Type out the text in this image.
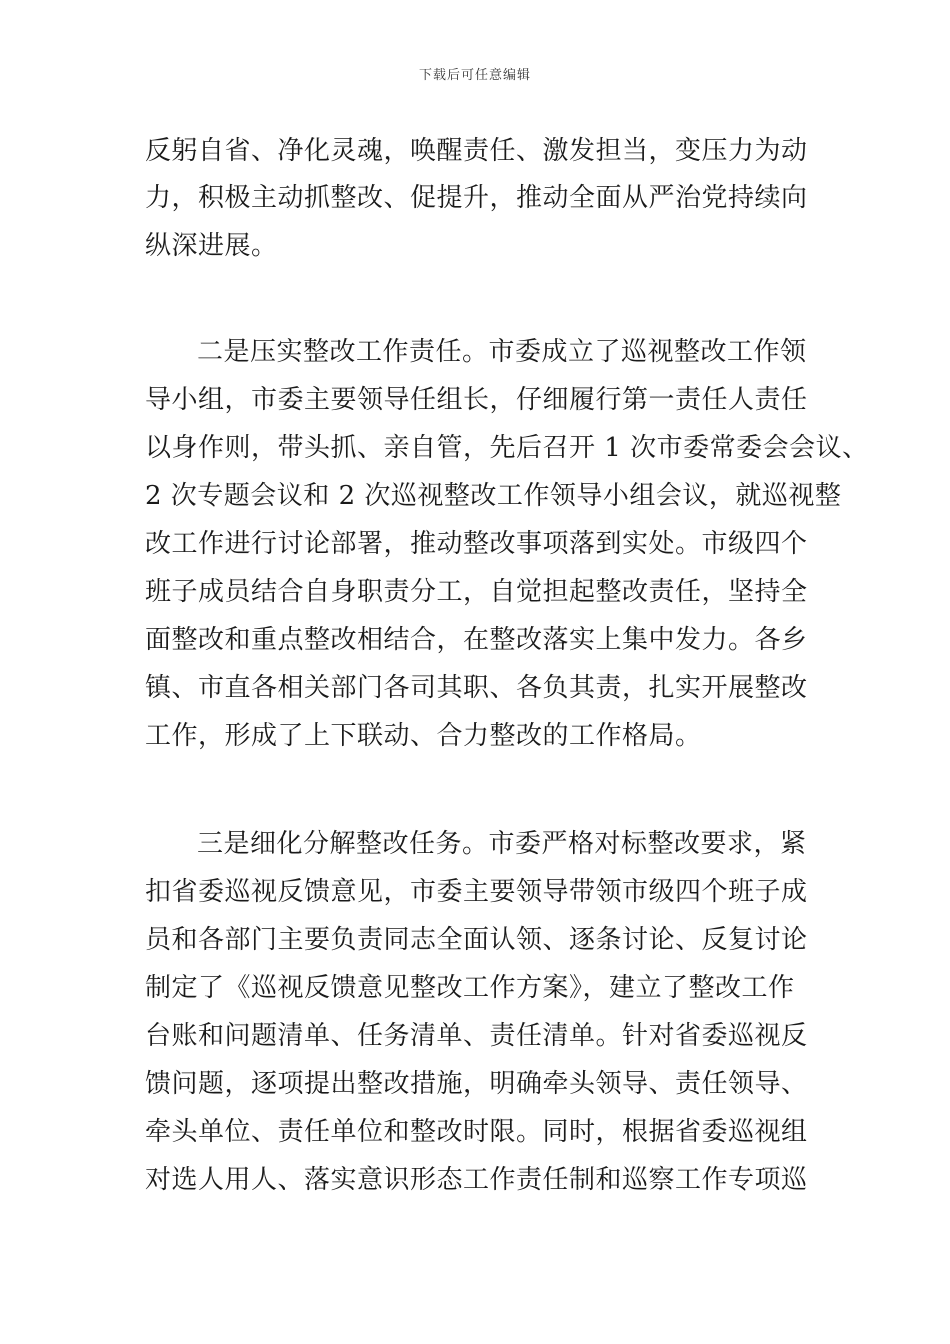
下载后可任意编辑
反躬自省、净化灵魂，唤醒责任、激发担当，变压力为动
力，积极主动抓整改、促提升，推动全面从严治党持续向
纵深进展。
二是压实整改工作责任。市委成立了巡视整改工作领
导小组，市委主要领导任组长，仔细履行第一责任人责任
以身作则，带头抓、亲自管，先后召开 1 次市委常委会会议、
2 次专题会议和 2 次巡视整改工作领导小组会议，就巡视整
改工作进行讨论部署，推动整改事项落到实处。市级四个
班子成员结合自身职责分工，自觉担起整改责任，坚持全
面整改和重点整改相结合，在整改落实上集中发力。各乡
镇、市直各相关部门各司其职、各负其责，扎实开展整改
工作，形成了上下联动、合力整改的工作格局。
三是细化分解整改任务。市委严格对标整改要求，紧
扣省委巡视反馈意见，市委主要领导带领市级四个班子成
员和各部门主要负责同志全面认领、逐条讨论、反复讨论
制定了《巡视反馈意见整改工作方案》，建立了整改工作
台账和问题清单、任务清单、责任清单。针对省委巡视反
馈问题，逐项提出整改措施，明确牵头领导、责任领导、
牵头单位、责任单位和整改时限。同时，根据省委巡视组
对选人用人、落实意识形态工作责任制和巡察工作专项巡
